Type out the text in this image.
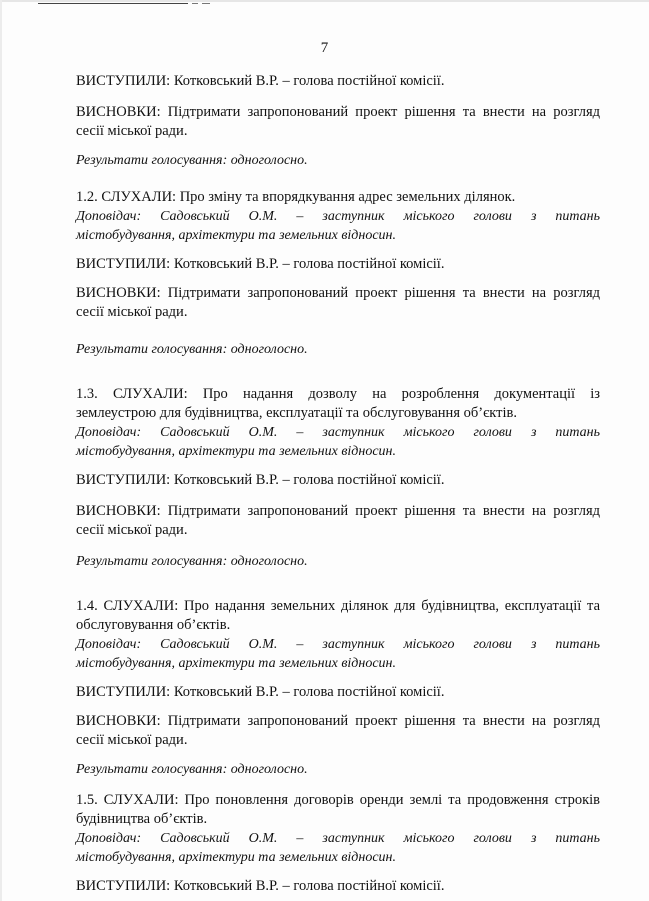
7

ВИСТУПИЛИ: Котковський В.Р. – голова постійної комісії.

ВИСНОВКИ: Підтримати запропонований проект рішення та внести на розгляд

сесії міської ради.

Результати голосування: одноголосно.

1.2. СЛУХАЛИ: Про зміну та впорядкування адрес земельних ділянок.

Доповідач: Садовський О.М. – заступник міського голови з питань

містобудування, архітектури та земельних відносин.

ВИСТУПИЛИ: Котковський В.Р. – голова постійної комісії.

ВИСНОВКИ: Підтримати запропонований проект рішення та внести на розгляд

сесії міської ради.

Результати голосування: одноголосно.

1.3. СЛУХАЛИ: Про надання дозволу на розроблення документації із

землеустрою для будівництва, експлуатації та обслуговування об’єктів.

Доповідач: Садовський О.М. – заступник міського голови з питань

містобудування, архітектури та земельних відносин.

ВИСТУПИЛИ: Котковський В.Р. – голова постійної комісії.

ВИСНОВКИ: Підтримати запропонований проект рішення та внести на розгляд

сесії міської ради.

Результати голосування: одноголосно.

1.4. СЛУХАЛИ: Про надання земельних ділянок для будівництва, експлуатації та

обслуговування об’єктів.

Доповідач: Садовський О.М. – заступник міського голови з питань

містобудування, архітектури та земельних відносин.

ВИСТУПИЛИ: Котковський В.Р. – голова постійної комісії.

ВИСНОВКИ: Підтримати запропонований проект рішення та внести на розгляд

сесії міської ради.

Результати голосування: одноголосно.

1.5. СЛУХАЛИ: Про поновлення договорів оренди землі та продовження строків

будівництва об’єктів.

Доповідач: Садовський О.М. – заступник міського голови з питань

містобудування, архітектури та земельних відносин.

ВИСТУПИЛИ: Котковський В.Р. – голова постійної комісії.
